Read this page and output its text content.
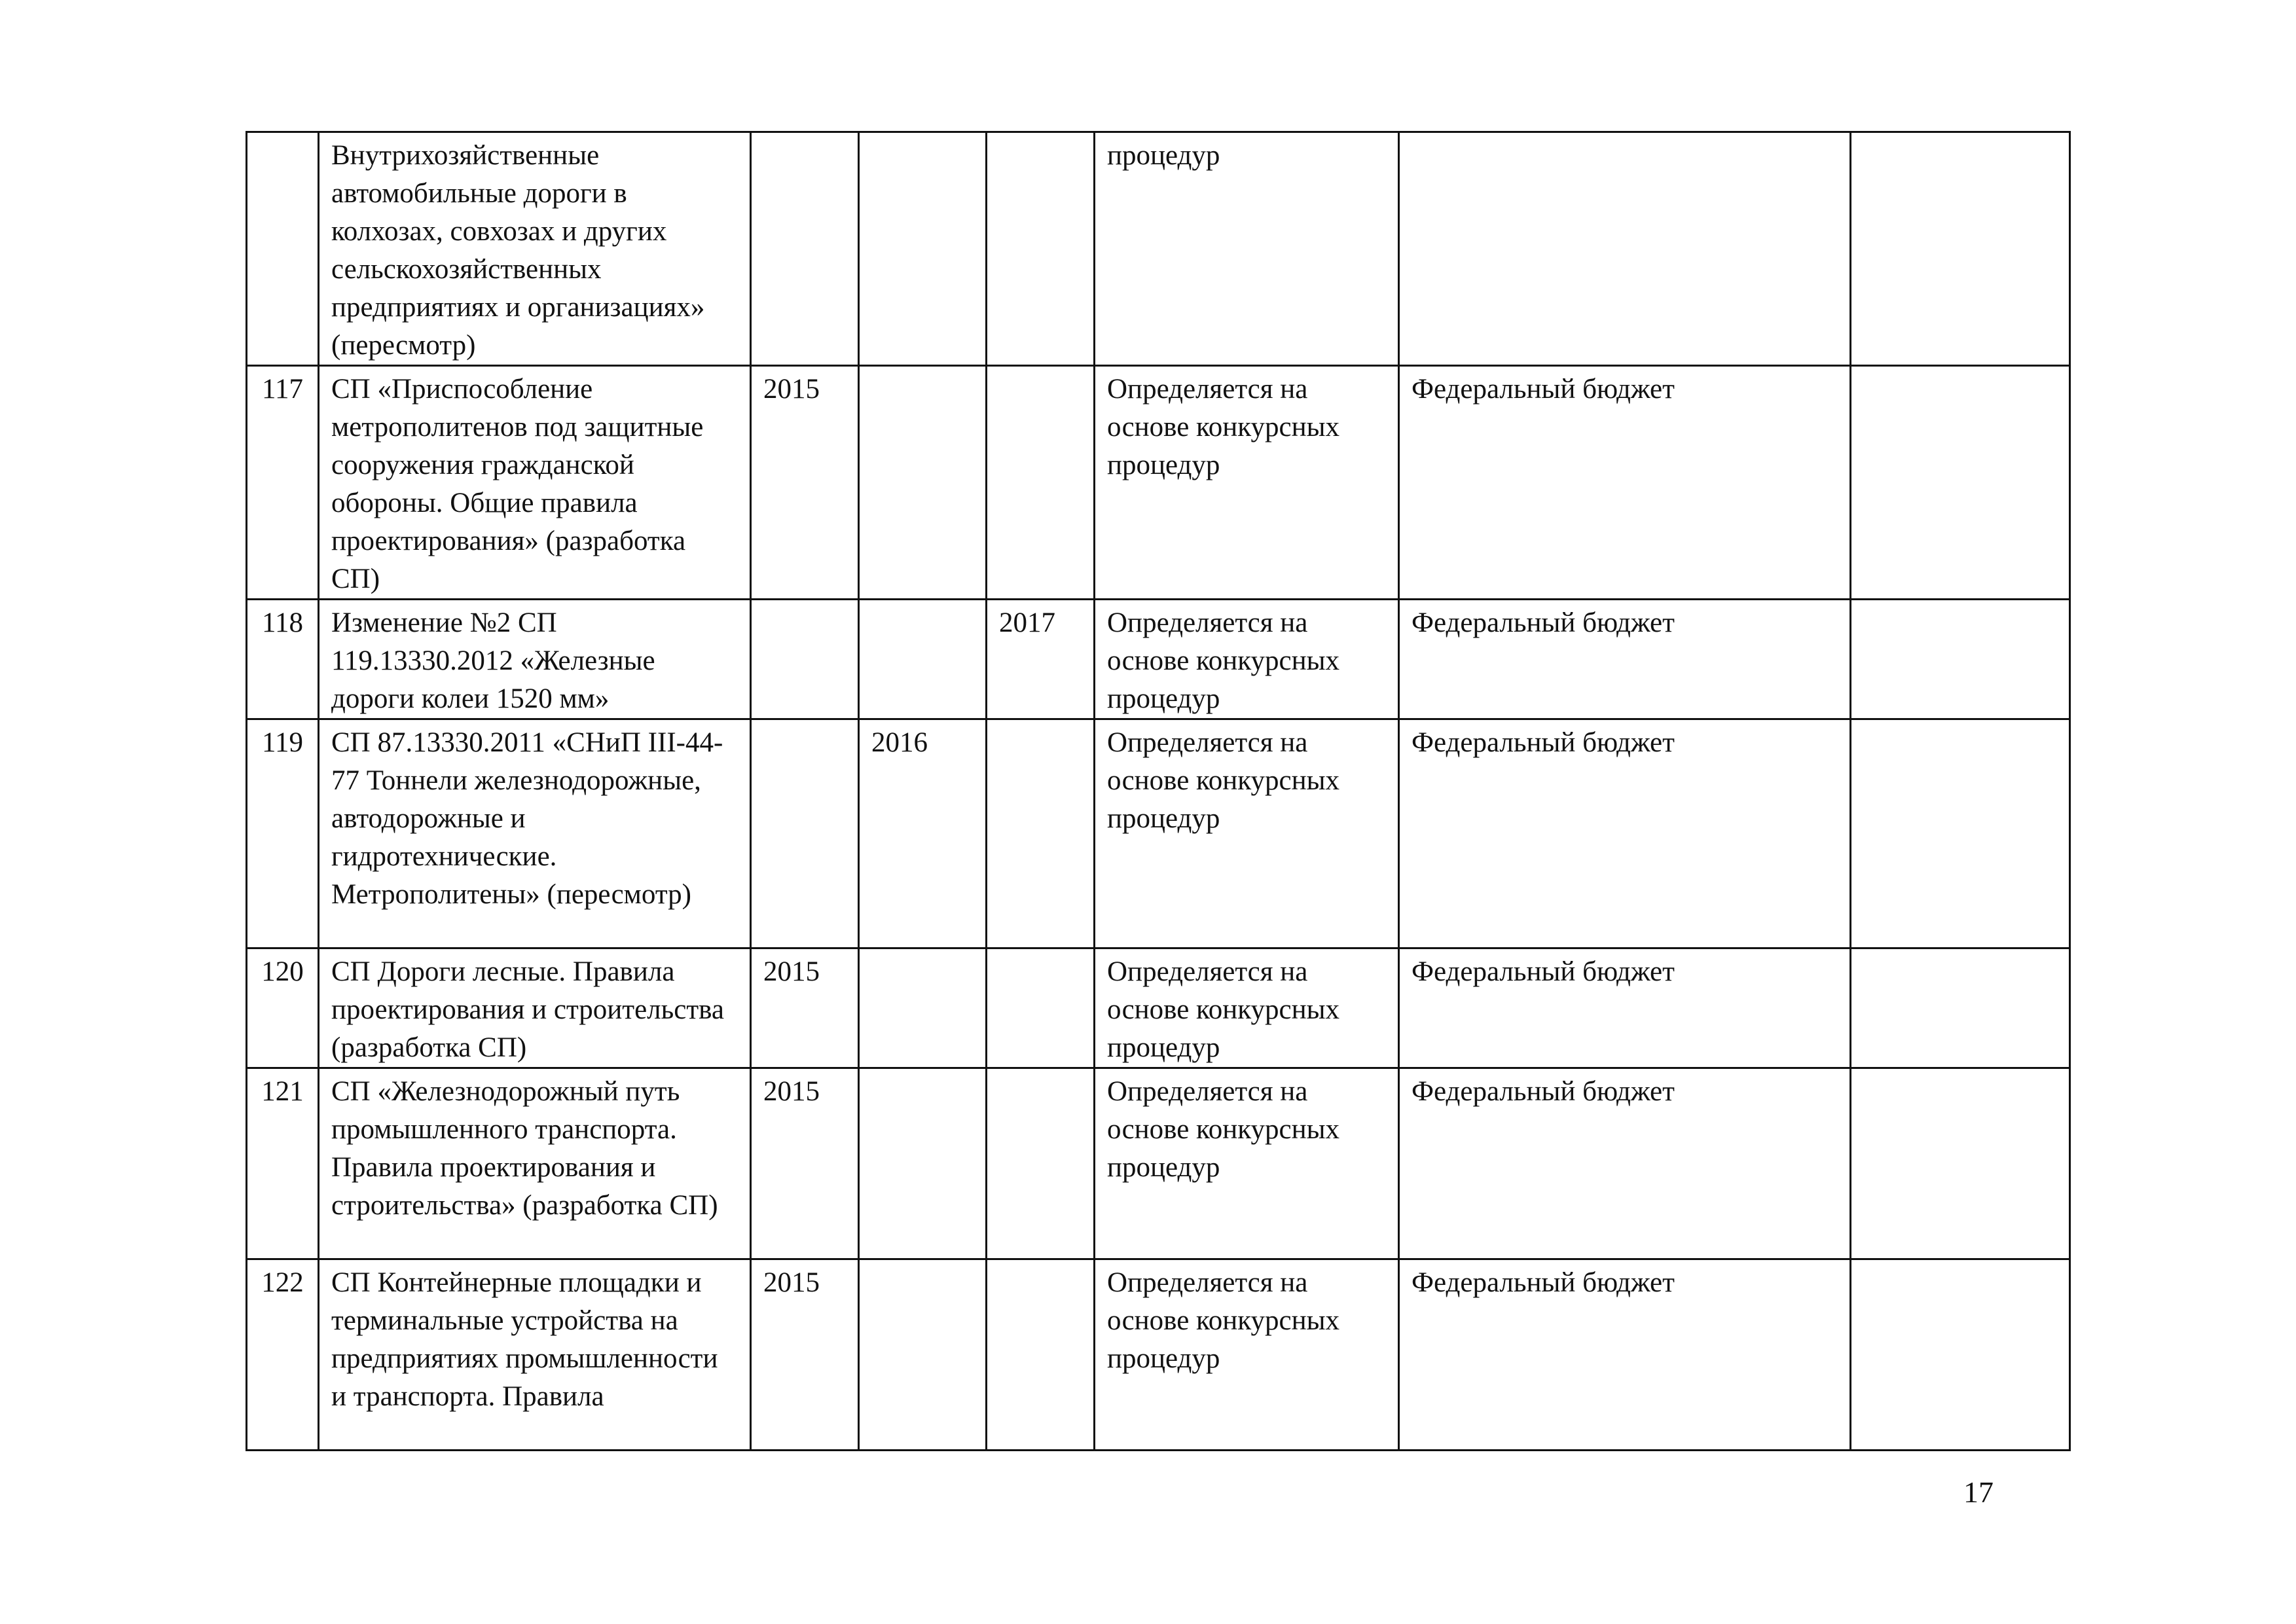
	Внутрихозяйственные автомобильные дороги в колхозах, совхозах и других сельскохозяйственных предприятиях и организациях» (пересмотр)				процедур		
117	СП «Приспособление метрополитенов под защитные сооружения гражданской обороны. Общие правила проектирования» (разработка СП)	2015			Определяется на основе конкурсных процедур	Федеральный бюджет	
118	Изменение №2 СП 119.13330.2012 «Железные дороги колеи 1520 мм»			2017	Определяется на основе конкурсных процедур	Федеральный бюджет	
119	СП 87.13330.2011 «СНиП III-44-77 Тоннели железнодорожные, автодорожные и гидротехнические. Метрополитены» (пересмотр)		2016		Определяется на основе конкурсных процедур	Федеральный бюджет	
120	СП Дороги лесные. Правила проектирования и строительства (разработка СП)	2015			Определяется на основе конкурсных процедур	Федеральный бюджет	
121	СП «Железнодорожный путь промышленного транспорта. Правила проектирования и строительства» (разработка СП)	2015			Определяется на основе конкурсных процедур	Федеральный бюджет	
122	СП Контейнерные площадки и терминальные устройства на предприятиях промышленности и транспорта. Правила	2015			Определяется на основе конкурсных процедур	Федеральный бюджет	
17
